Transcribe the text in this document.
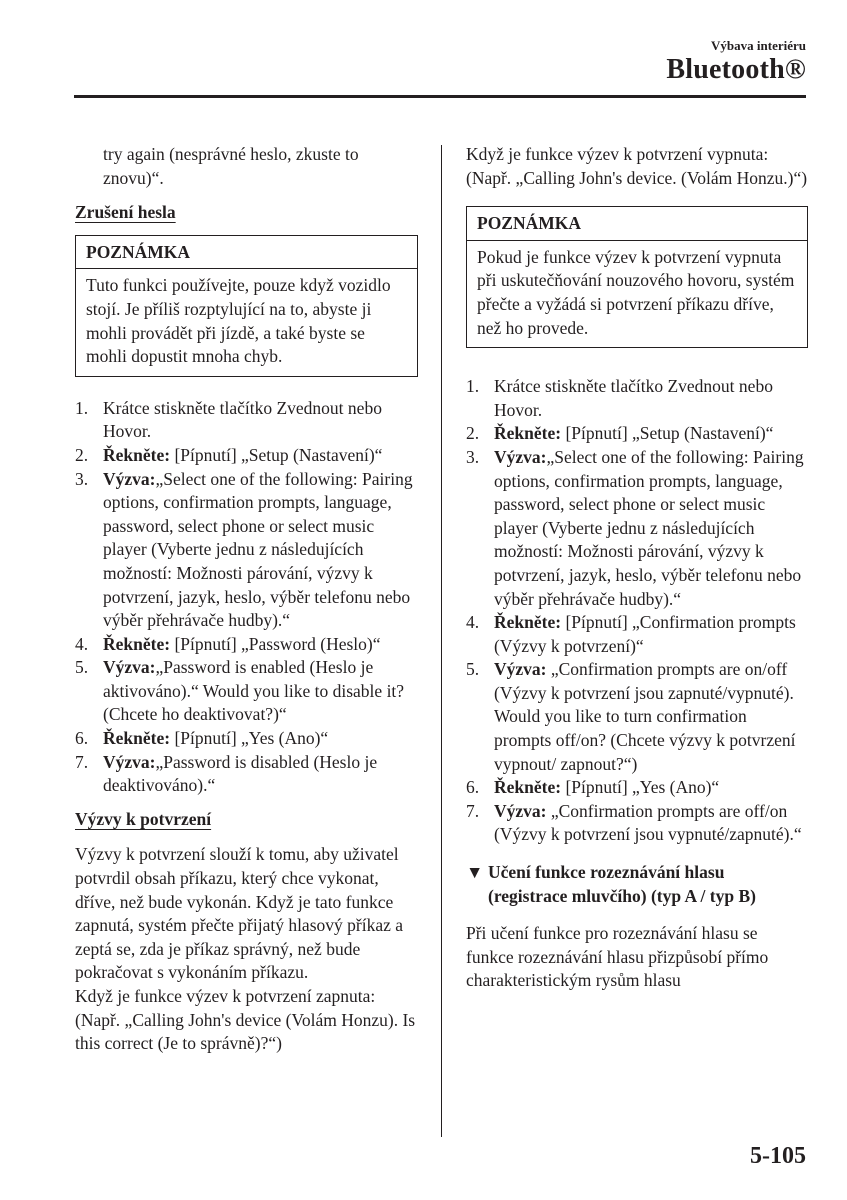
Výbava interiéru
Bluetooth®

try again (nesprávné heslo, zkuste to znovu)“.

Zrušení hesla
POZNÁMKA
Tuto funkci používejte, pouze když vozidlo stojí. Je příliš rozptylující na to, abyste ji mohli provádět při jízdě, a také byste se mohli dopustit mnoha chyb.
1. Krátce stiskněte tlačítko Zvednout nebo Hovor.
2. Řekněte: [Pípnutí] „Setup (Nastavení)“
3. Výzva:„Select one of the following: Pairing options, confirmation prompts, language, password, select phone or select music player (Vyberte jednu z následujících možností: Možnosti párování, výzvy k potvrzení, jazyk, heslo, výběr telefonu nebo výběr přehrávače hudby).“
4. Řekněte: [Pípnutí] „Password (Heslo)“
5. Výzva:„Password is enabled (Heslo je aktivováno).“ Would you like to disable it? (Chcete ho deaktivovat?)“
6. Řekněte: [Pípnutí] „Yes (Ano)“
7. Výzva:„Password is disabled (Heslo je deaktivováno).“
Výzvy k potvrzení

Výzvy k potvrzení slouží k tomu, aby uživatel potvrdil obsah příkazu, který chce vykonat, dříve, než bude vykonán. Když je tato funkce zapnutá, systém přečte přijatý hlasový příkaz a zeptá se, zda je příkaz správný, než bude pokračovat s vykonáním příkazu.

Když je funkce výzev k potvrzení zapnuta: (Např. „Calling John's device (Volám Honzu). Is this correct (Je to správně)?“)

Když je funkce výzev k potvrzení vypnuta: (Např. „Calling John's device. (Volám Honzu.)“)

POZNÁMKA
Pokud je funkce výzev k potvrzení vypnuta při uskutečňování nouzového hovoru, systém přečte a vyžádá si potvrzení příkazu dříve, než ho provede.
1. Krátce stiskněte tlačítko Zvednout nebo Hovor.
2. Řekněte: [Pípnutí] „Setup (Nastavení)“
3. Výzva:„Select one of the following: Pairing options, confirmation prompts, language, password, select phone or select music player (Vyberte jednu z následujících možností: Možnosti párování, výzvy k potvrzení, jazyk, heslo, výběr telefonu nebo výběr přehrávače hudby).“
4. Řekněte: [Pípnutí] „Confirmation prompts (Výzvy k potvrzení)“
5. Výzva: „Confirmation prompts are on/off (Výzvy k potvrzení jsou zapnuté/vypnuté). Would you like to turn confirmation prompts off/on? (Chcete výzvy k potvrzení vypnout/ zapnout?“)
6. Řekněte: [Pípnutí] „Yes (Ano)“
7. Výzva: „Confirmation prompts are off/on (Výzvy k potvrzení jsou vypnuté/zapnuté).“
▼ Učení funkce rozeznávání hlasu (registrace mluvčího) (typ A / typ B)

Při učení funkce pro rozeznávání hlasu se funkce rozeznávání hlasu přizpůsobí přímo charakteristickým rysům hlasu

5-105
